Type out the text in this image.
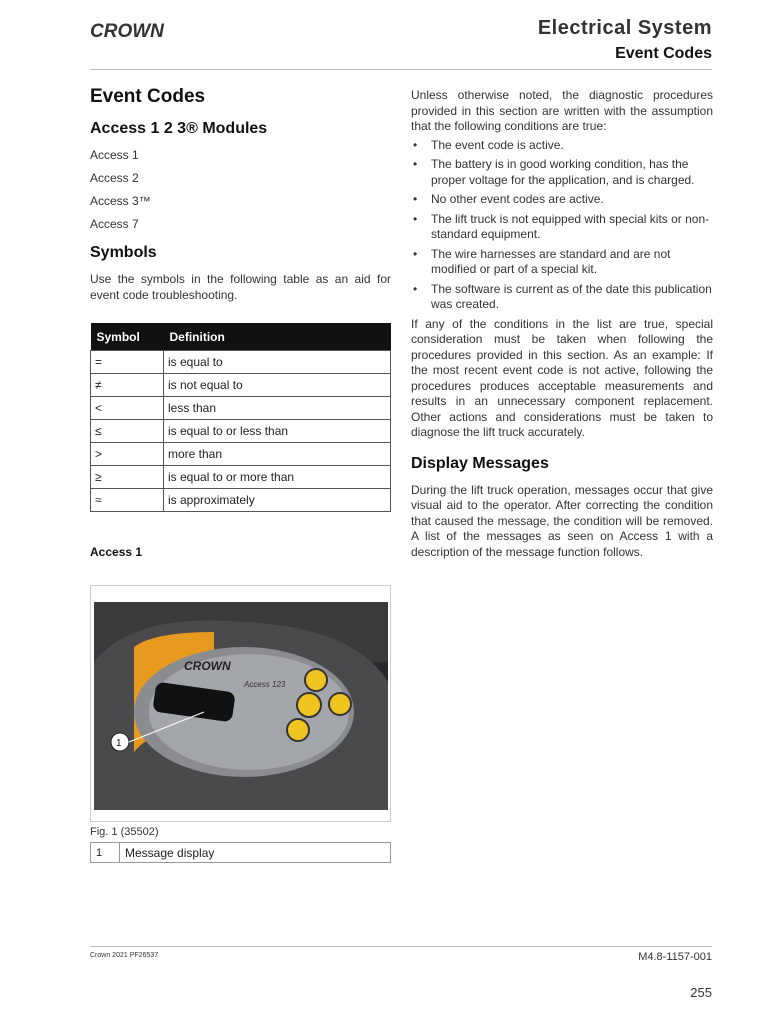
CROWN	Electrical System
Event Codes
Event Codes
Access 1 2 3® Modules
Access 1
Access 2
Access 3™
Access 7
Symbols

Use the symbols in the following table as an aid for event code troubleshooting.

Symbol	Definition
=	is equal to
≠	is not equal to
<	less than
≤	is equal to or less than
>	more than
≥	is equal to or more than
≈	is approximately
Access 1
CROWN
Access 123
1
Fig. 1 (35502)
1	Message display

Unless otherwise noted, the diagnostic procedures provided in this section are written with the assumption that the following conditions are true:

• The event code is active.
• The battery is in good working condition, has the proper voltage for the application, and is charged.
• No other event codes are active.
• The lift truck is not equipped with special kits or non-standard equipment.
• The wire harnesses are standard and are not modified or part of a special kit.
• The software is current as of the date this publication was created.

If any of the conditions in the list are true, special consideration must be taken when following the procedures provided in this section. As an example: If the most recent event code is not active, following the procedures produces acceptable measurements and results in an unnecessary component replacement. Other actions and considerations must be taken to diagnose the lift truck accurately.

Display Messages

During the lift truck operation, messages occur that give visual aid to the operator. After correcting the condition that caused the message, the condition will be removed. A list of the messages as seen on Access 1 with a description of the message function follows.

Crown 2021 PF26537	M4.8-1157-001
255
